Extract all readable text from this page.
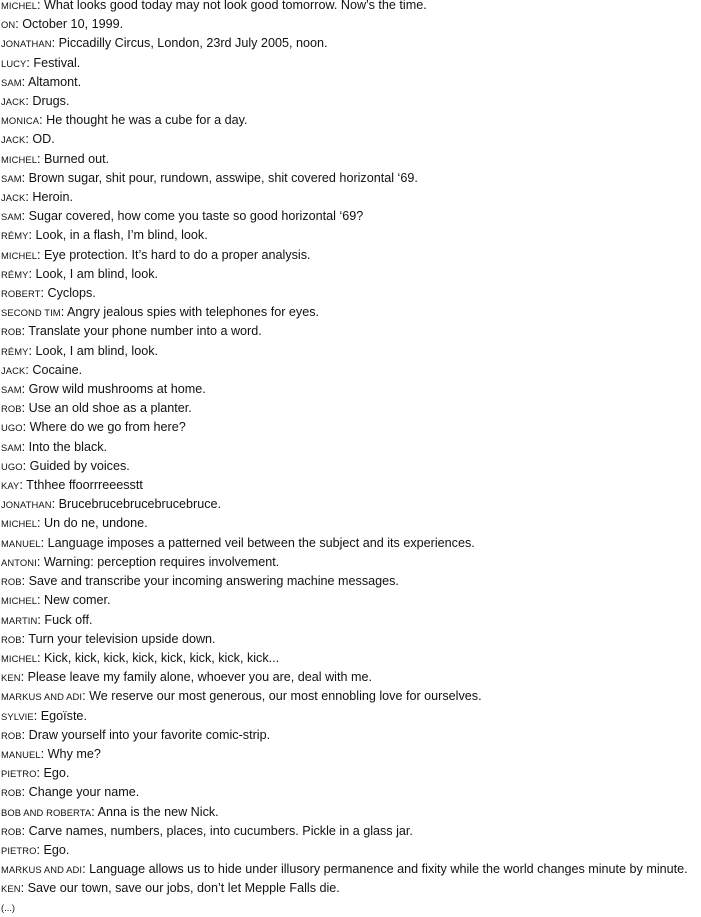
MICHEL: What looks good today may not look good tomorrow. Now’s the time.

ON: October 10, 1999.

JONATHAN: Piccadilly Circus, London, 23rd July 2005, noon.

LUCY: Festival.

SAM: Altamont.

JACK: Drugs.

MONICA: He thought he was a cube for a day.

JACK: OD.

MICHEL: Burned out.

SAM: Brown sugar, shit pour, rundown, asswipe, shit covered horizontal ‘69.

JACK: Heroin.

SAM: Sugar covered, how come you taste so good horizontal ‘69?

RÉMY: Look, in a flash, I’m blind, look.

MICHEL: Eye protection. It’s hard to do a proper analysis.

RÉMY: Look, I am blind, look.

ROBERT: Cyclops.

SECOND TIM: Angry jealous spies with telephones for eyes.

ROB: Translate your phone number into a word.

RÉMY: Look, I am blind, look.

JACK: Cocaine.

SAM: Grow wild mushrooms at home.

ROB: Use an old shoe as a planter.

UGO: Where do we go from here?

SAM: Into the black.

UGO: Guided by voices.

KAY: Tthhee ffoorrreeesstt

JONATHAN: Brucebrucebrucebrucebruce.

MICHEL: Un do ne, undone.

MANUEL: Language imposes a patterned veil between the subject and its experiences.

ANTONI: Warning: perception requires involvement.

ROB: Save and transcribe your incoming answering machine messages.

MICHEL: New comer.

MARTIN: Fuck off.

ROB: Turn your television upside down.

MICHEL: Kick, kick, kick, kick, kick, kick, kick, kick...

KEN: Please leave my family alone, whoever you are, deal with me.

MARKUS AND ADI: We reserve our most generous, our most ennobling love for ourselves.

SYLVIE: Egoïste.

ROB: Draw yourself into your favorite comic-strip.

MANUEL: Why me?

PIETRO: Ego.

ROB: Change your name.

BOB AND ROBERTA: Anna is the new Nick.

ROB: Carve names, numbers, places, into cucumbers. Pickle in a glass jar.

PIETRO: Ego.

MARKUS AND ADI: Language allows us to hide under illusory permanence and fixity while the world changes minute by minute.

KEN: Save our town, save our jobs, don’t let Mepple Falls die.

(...)
